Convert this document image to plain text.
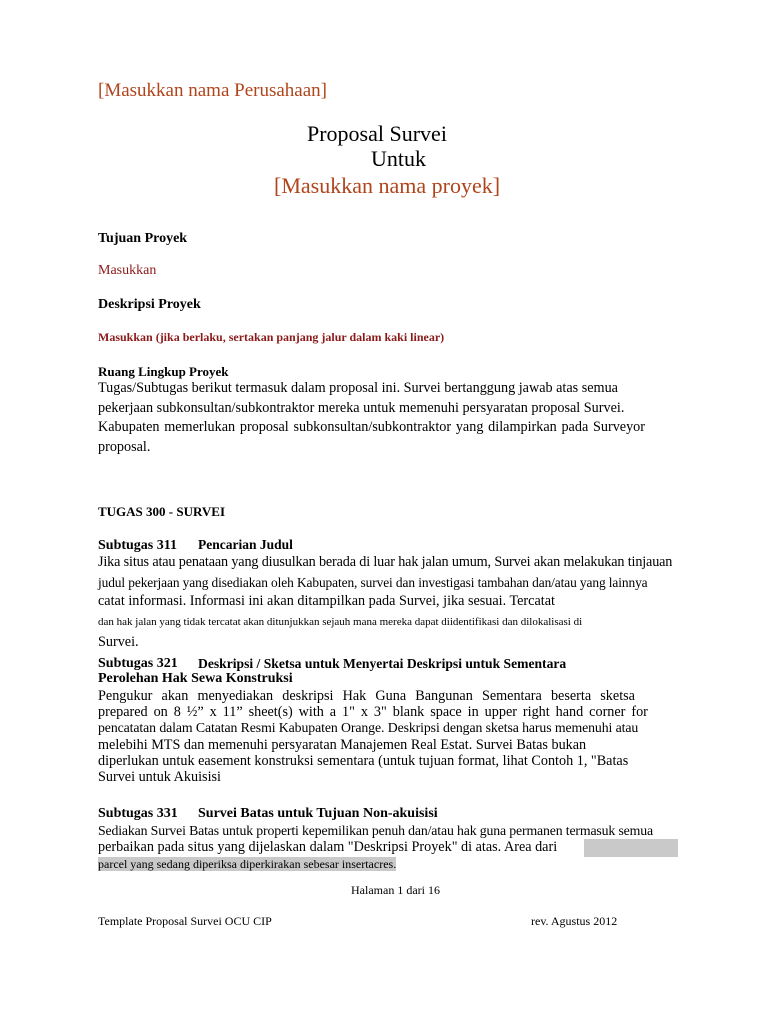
[Masukkan nama Perusahaan]
Proposal Survei
Untuk
[Masukkan nama proyek]
Tujuan Proyek
Masukkan
Deskripsi Proyek
Masukkan (jika berlaku, sertakan panjang jalur dalam kaki linear)
Ruang Lingkup Proyek
Tugas/Subtugas berikut termasuk dalam proposal ini. Survei bertanggung jawab atas semua
pekerjaan subkonsultan/subkontraktor mereka untuk memenuhi persyaratan proposal Survei.
Kabupaten memerlukan proposal subkonsultan/subkontraktor yang dilampirkan pada Surveyor
proposal.
TUGAS 300 - SURVEI
Subtugas 311 Pencarian Judul
Jika situs atau penataan yang diusulkan berada di luar hak jalan umum, Survei akan melakukan tinjauan
judul pekerjaan yang disediakan oleh Kabupaten, survei dan investigasi tambahan dan/atau yang lainnya
catat informasi. Informasi ini akan ditampilkan pada Survei, jika sesuai. Tercatat
dan hak jalan yang tidak tercatat akan ditunjukkan sejauh mana mereka dapat diidentifikasi dan dilokalisasi di
Survei.
Subtugas 321 Deskripsi / Sketsa untuk Menyertai Deskripsi untuk Sementara
Perolehan Hak Sewa Konstruksi
Pengukur akan menyediakan deskripsi Hak Guna Bangunan Sementara beserta sketsa
prepared on 8 ½” x 11” sheet(s) with a 1" x 3" blank space in upper right hand corner for
pencatatan dalam Catatan Resmi Kabupaten Orange. Deskripsi dengan sketsa harus memenuhi atau
melebihi MTS dan memenuhi persyaratan Manajemen Real Estat. Survei Batas bukan
diperlukan untuk easement konstruksi sementara (untuk tujuan format, lihat Contoh 1, "Batas
Survei untuk Akuisisi
Subtugas 331 Survei Batas untuk Tujuan Non-akuisisi
Sediakan Survei Batas untuk properti kepemilikan penuh dan/atau hak guna permanen termasuk semua
perbaikan pada situs yang dijelaskan dalam "Deskripsi Proyek" di atas. Area dari
parcel yang sedang diperiksa diperkirakan sebesar insertacres.
Halaman 1 dari 16
Template Proposal Survei OCU CIP	rev. Agustus 2012
